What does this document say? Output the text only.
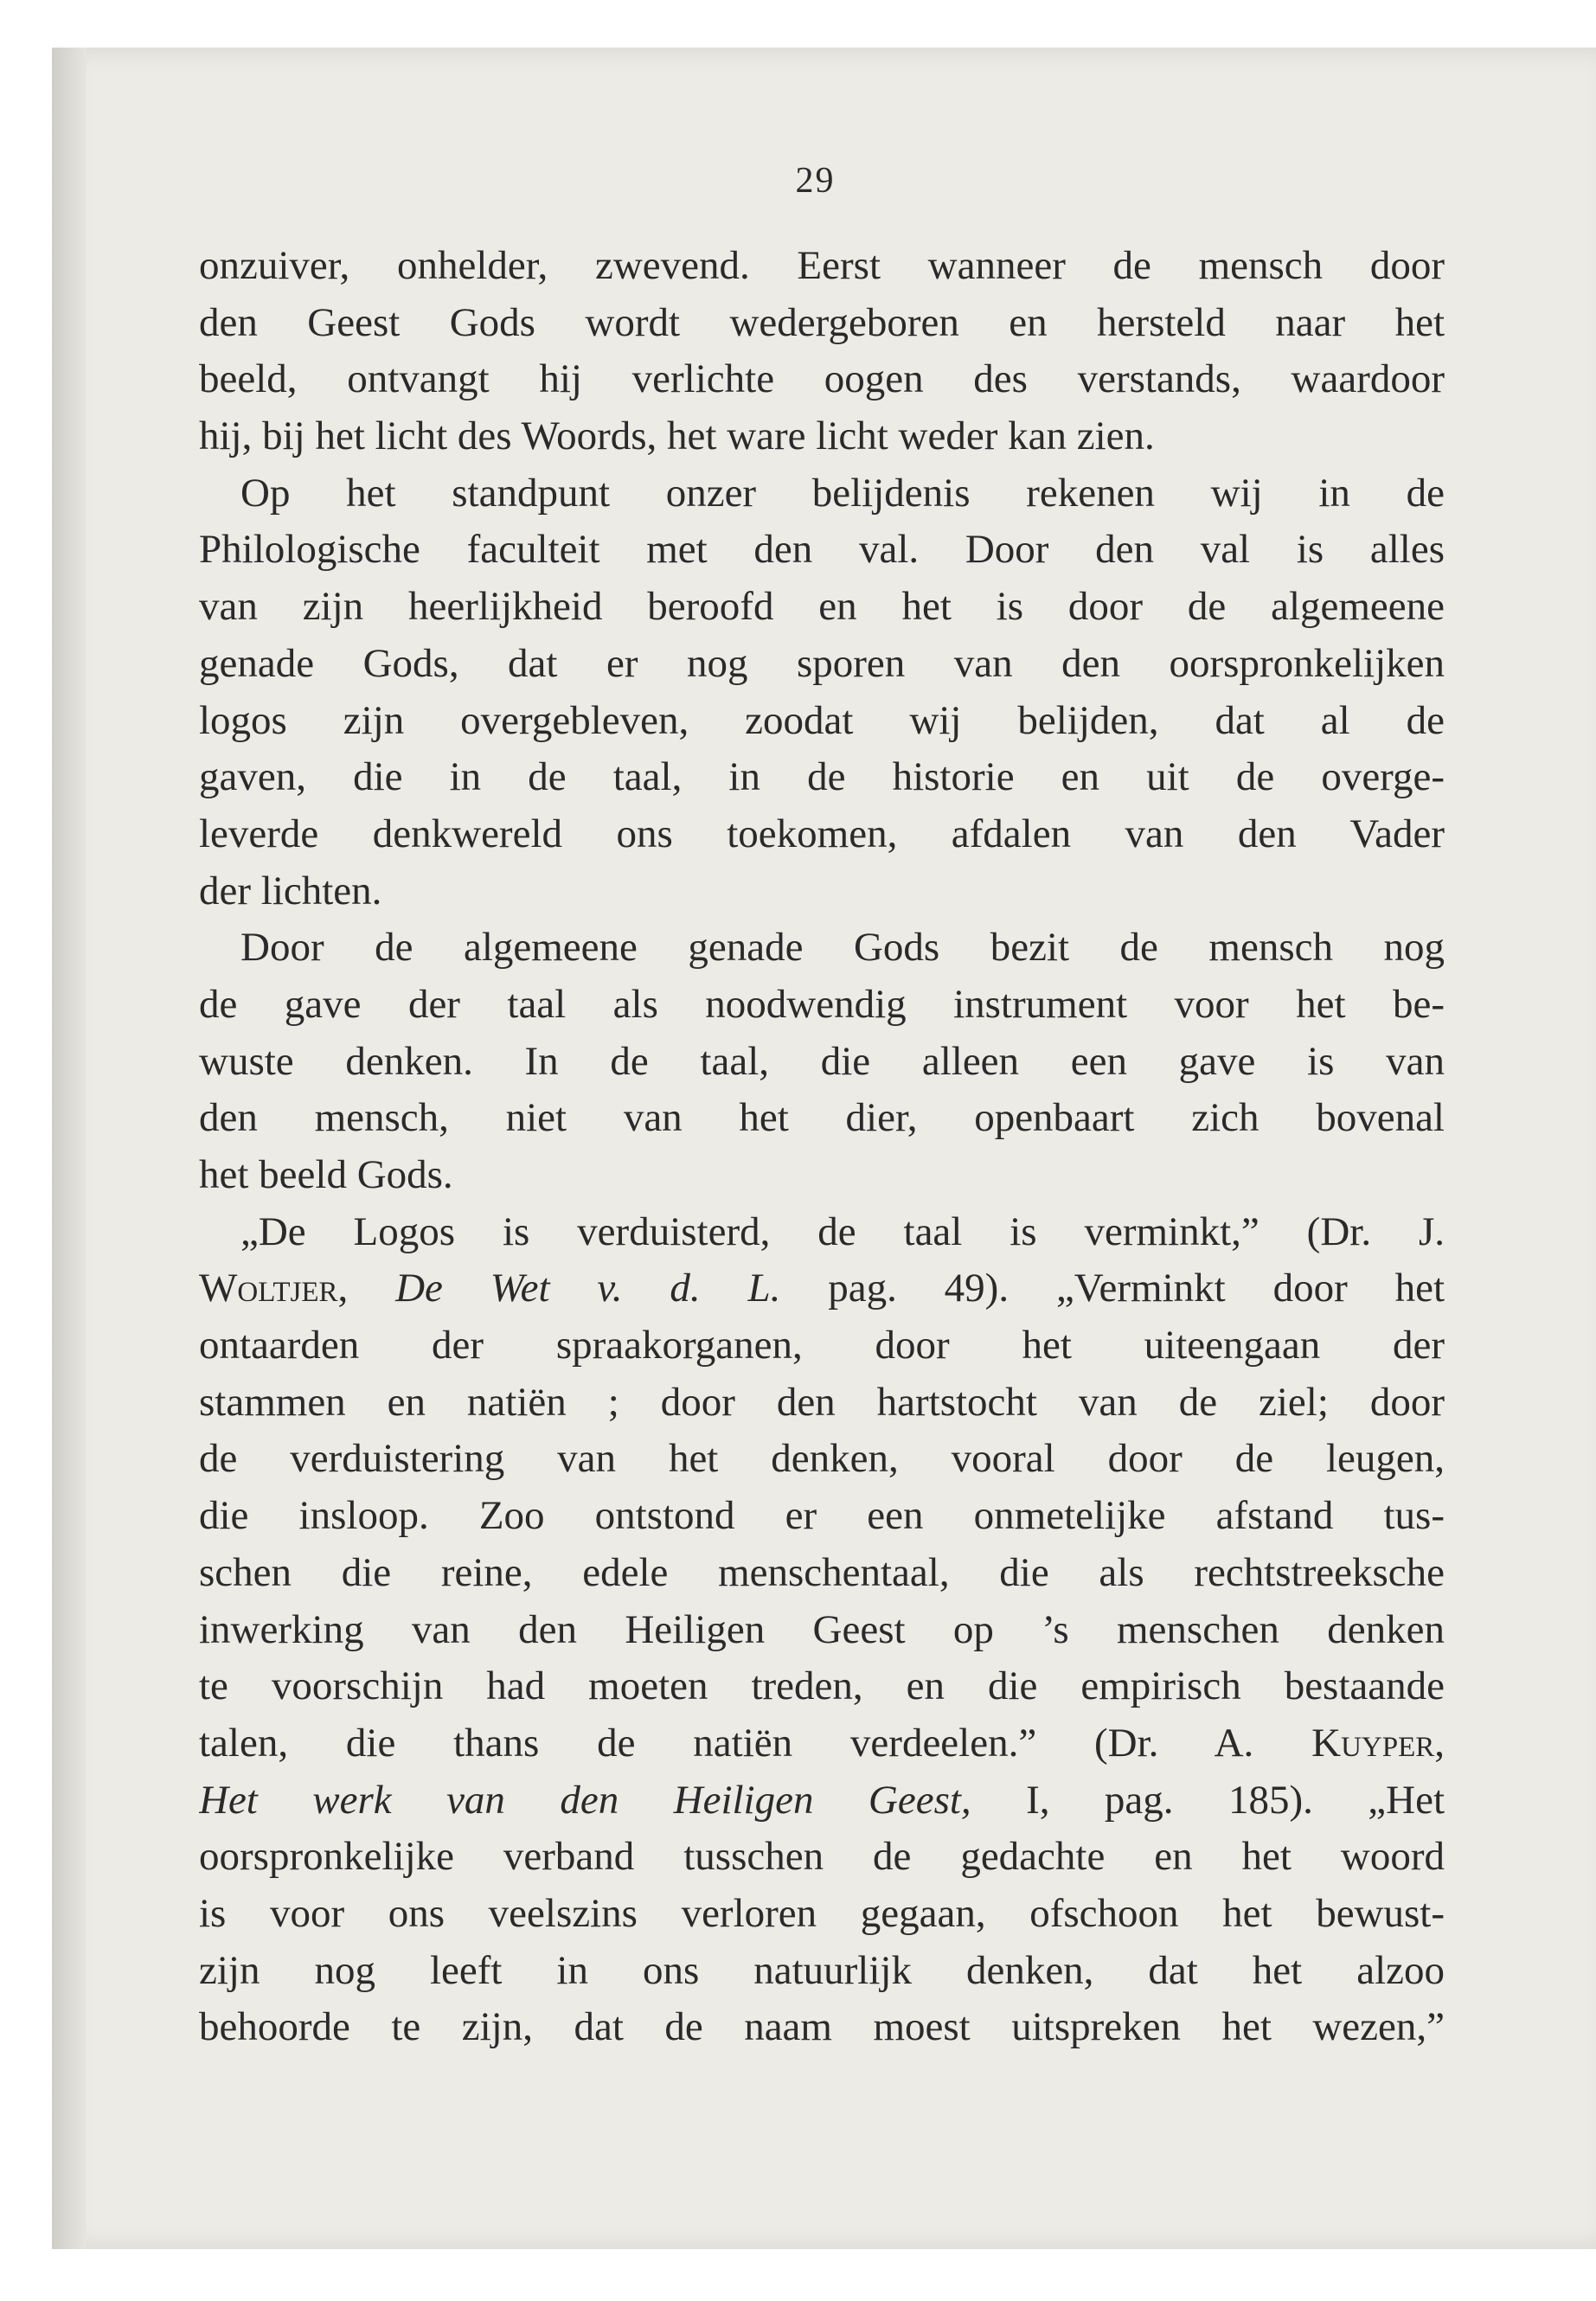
29
onzuiver, onhelder, zwevend. Eerst wanneer de mensch door
den Geest Gods wordt wedergeboren en hersteld naar het
beeld, ontvangt hij verlichte oogen des verstands, waardoor
hij, bij het licht des Woords, het ware licht weder kan zien.
Op het standpunt onzer belijdenis rekenen wij in de
Philologische faculteit met den val. Door den val is alles
van zijn heerlijkheid beroofd en het is door de algemeene
genade Gods, dat er nog sporen van den oorspronkelijken
logos zijn overgebleven, zoodat wij belijden, dat al de
gaven, die in de taal, in de historie en uit de overge-
leverde denkwereld ons toekomen, afdalen van den Vader
der lichten.
Door de algemeene genade Gods bezit de mensch nog
de gave der taal als noodwendig instrument voor het be-
wuste denken. In de taal, die alleen een gave is van
den mensch, niet van het dier, openbaart zich bovenal
het beeld Gods.
„De Logos is verduisterd, de taal is verminkt,” (Dr. J.
Woltjer, De Wet v. d. L. pag. 49). „Verminkt door het
ontaarden der spraakorganen, door het uiteengaan der
stammen en natiën ; door den hartstocht van de ziel; door
de verduistering van het denken, vooral door de leugen,
die insloop. Zoo ontstond er een onmetelijke afstand tus-
schen die reine, edele menschentaal, die als rechtstreeksche
inwerking van den Heiligen Geest op ’s menschen denken
te voorschijn had moeten treden, en die empirisch bestaande
talen, die thans de natiën verdeelen.” (Dr. A. Kuyper,
Het werk van den Heiligen Geest, I, pag. 185). „Het
oorspronkelijke verband tusschen de gedachte en het woord
is voor ons veelszins verloren gegaan, ofschoon het bewust-
zijn nog leeft in ons natuurlijk denken, dat het alzoo
behoorde te zijn, dat de naam moest uitspreken het wezen,”
